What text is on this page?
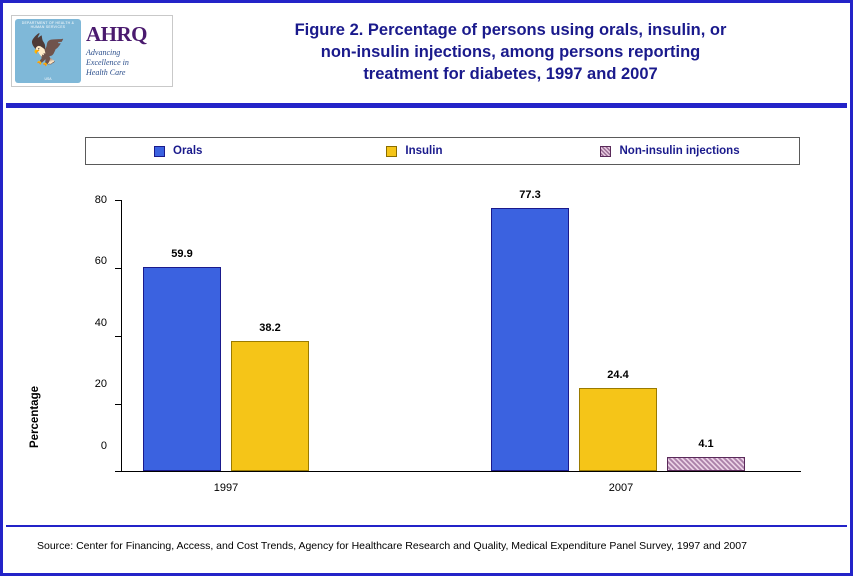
DEPARTMENT OF HEALTH & HUMAN SERVICES
🦅
USA
AHRQ
Advancing
Excellence in
Health Care
Figure 2. Percentage of persons using orals, insulin, or
non-insulin injections, among persons reporting
treatment for diabetes, 1997 and 2007
Orals	Insulin	Non-insulin injections
Percentage
80
60
40
20
0
59.9
38.2
77.3
24.4
4.1
1997	2007
Source: Center for Financing, Access, and Cost Trends, Agency for Healthcare Research and Quality, Medical Expenditure Panel Survey, 1997 and 2007
